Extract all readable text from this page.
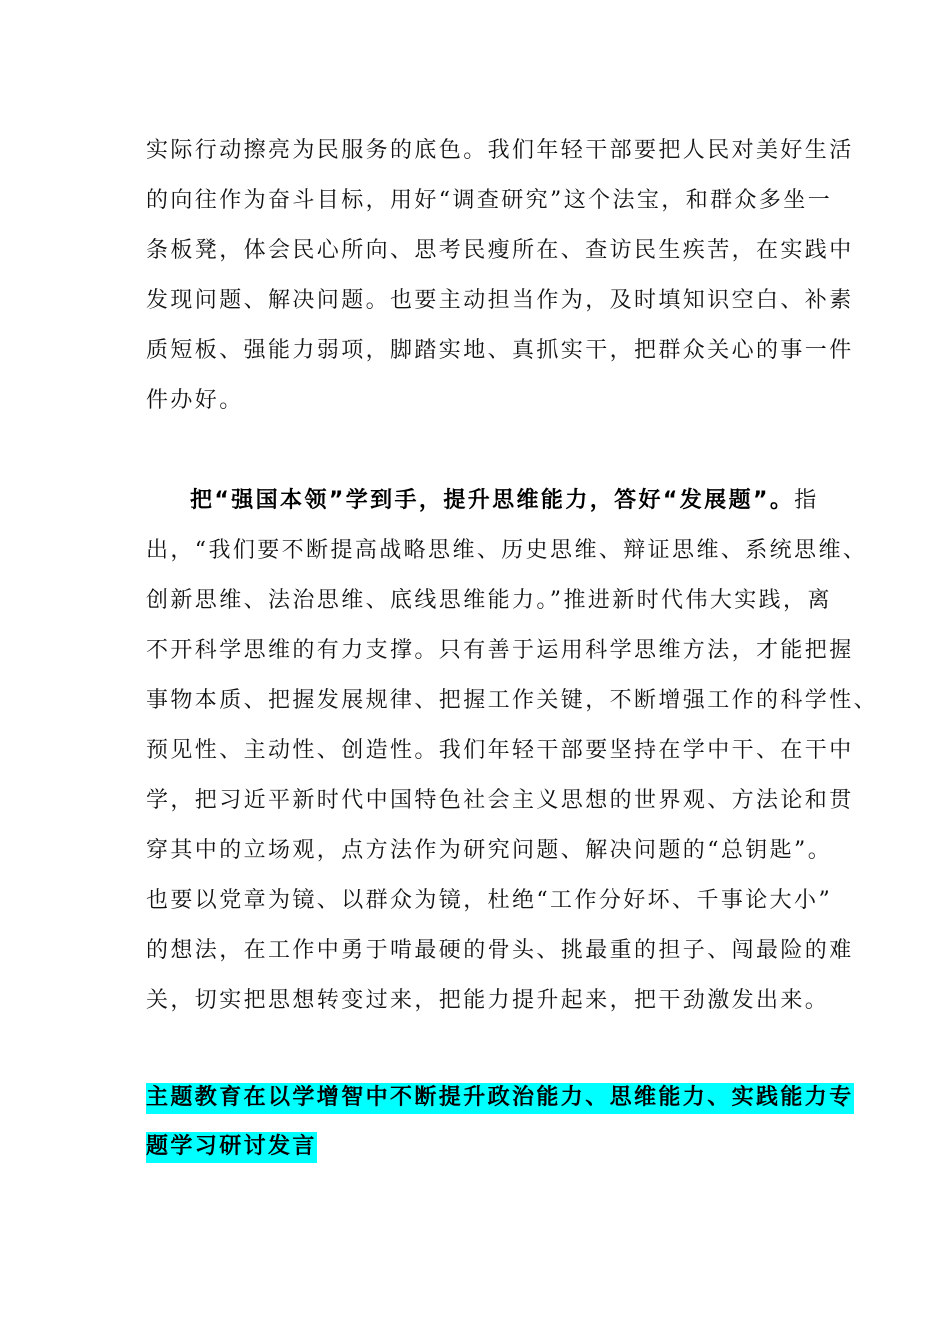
实际行动擦亮为民服务的底色。我们年轻干部要把人民对美好生活
的向往作为奋斗目标，用好“调查研究”这个法宝，和群众多坐一
条板凳，体会民心所向、思考民瘦所在、查访民生疾苦，在实践中
发现问题、解决问题。也要主动担当作为，及时填知识空白、补素
质短板、强能力弱项，脚踏实地、真抓实干，把群众关心的事一件
件办好。
把“强国本领”学到手，提升思维能力，答好“发展题”。指
出，“我们要不断提高战略思维、历史思维、辩证思维、系统思维、
创新思维、法治思维、底线思维能力。”推进新时代伟大实践，离
不开科学思维的有力支撑。只有善于运用科学思维方法，才能把握
事物本质、把握发展规律、把握工作关键，不断增强工作的科学性、
预见性、主动性、创造性。我们年轻干部要坚持在学中干、在干中
学，把习近平新时代中国特色社会主义思想的世界观、方法论和贯
穿其中的立场观，点方法作为研究问题、解决问题的“总钥匙”。
也要以党章为镜、以群众为镜，杜绝“工作分好坏、千事论大小”
的想法，在工作中勇于啃最硬的骨头、挑最重的担子、闯最险的难
关，切实把思想转变过来，把能力提升起来，把干劲激发出来。
主题教育在以学增智中不断提升政治能力、思维能力、实践能力专
题学习研讨发言
